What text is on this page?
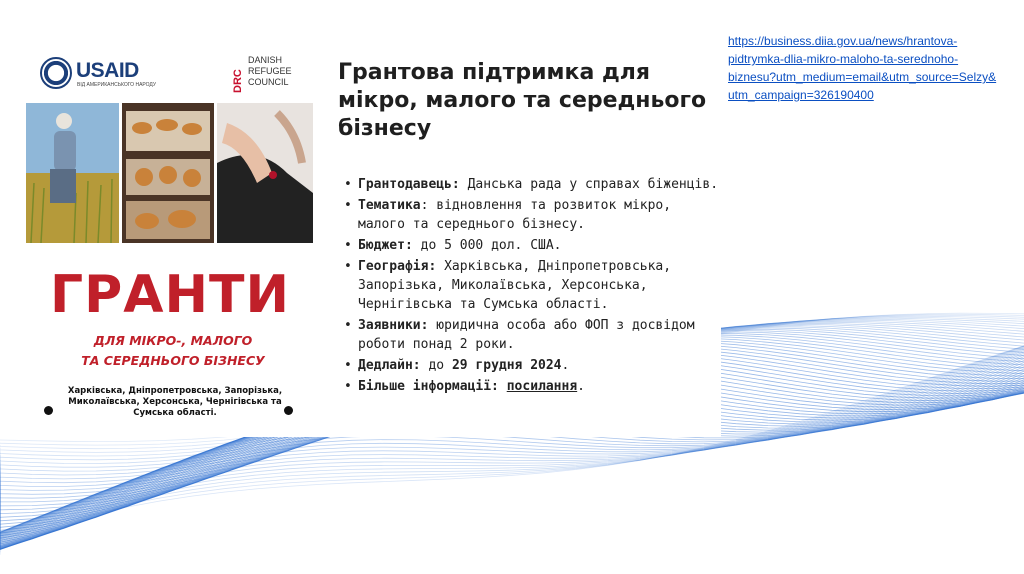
USAID
ВІД АМЕРИКАНСЬКОГО НАРОДУ	DRC
DANISH
REFUGEE
COUNCIL
ГРАНТИ
ДЛЯ МІКРО-, МАЛОГО
ТА СЕРЕДНЬОГО БІЗНЕСУ
Харківська, Дніпропетровська, Запорізька, Миколаївська, Херсонська, Чернігівська та Сумська області.
Грантова підтримка для мікро, малого та середнього бізнесу
• Грантодавець: Данська рада у справах біженців.
• Тематика: відновлення та розвиток мікро, малого та середнього бізнесу.
• Бюджет: до 5 000 дол. США.
• Географія: Харківська, Дніпропетровська, Запорізька, Миколаївська, Херсонська, Чернігівська та Сумська області.
• Заявники: юридична особа або ФОП з досвідом роботи понад 2 роки.
• Дедлайн: до 29 грудня 2024.
• Більше інформації: посилання.
https://business.diia.gov.ua/news/hrantova-
pidtrymka-dlia-mikro-maloho-ta-serednoho-
biznesu?utm_medium=email&utm_source=Selzy&
utm_campaign=326190400
